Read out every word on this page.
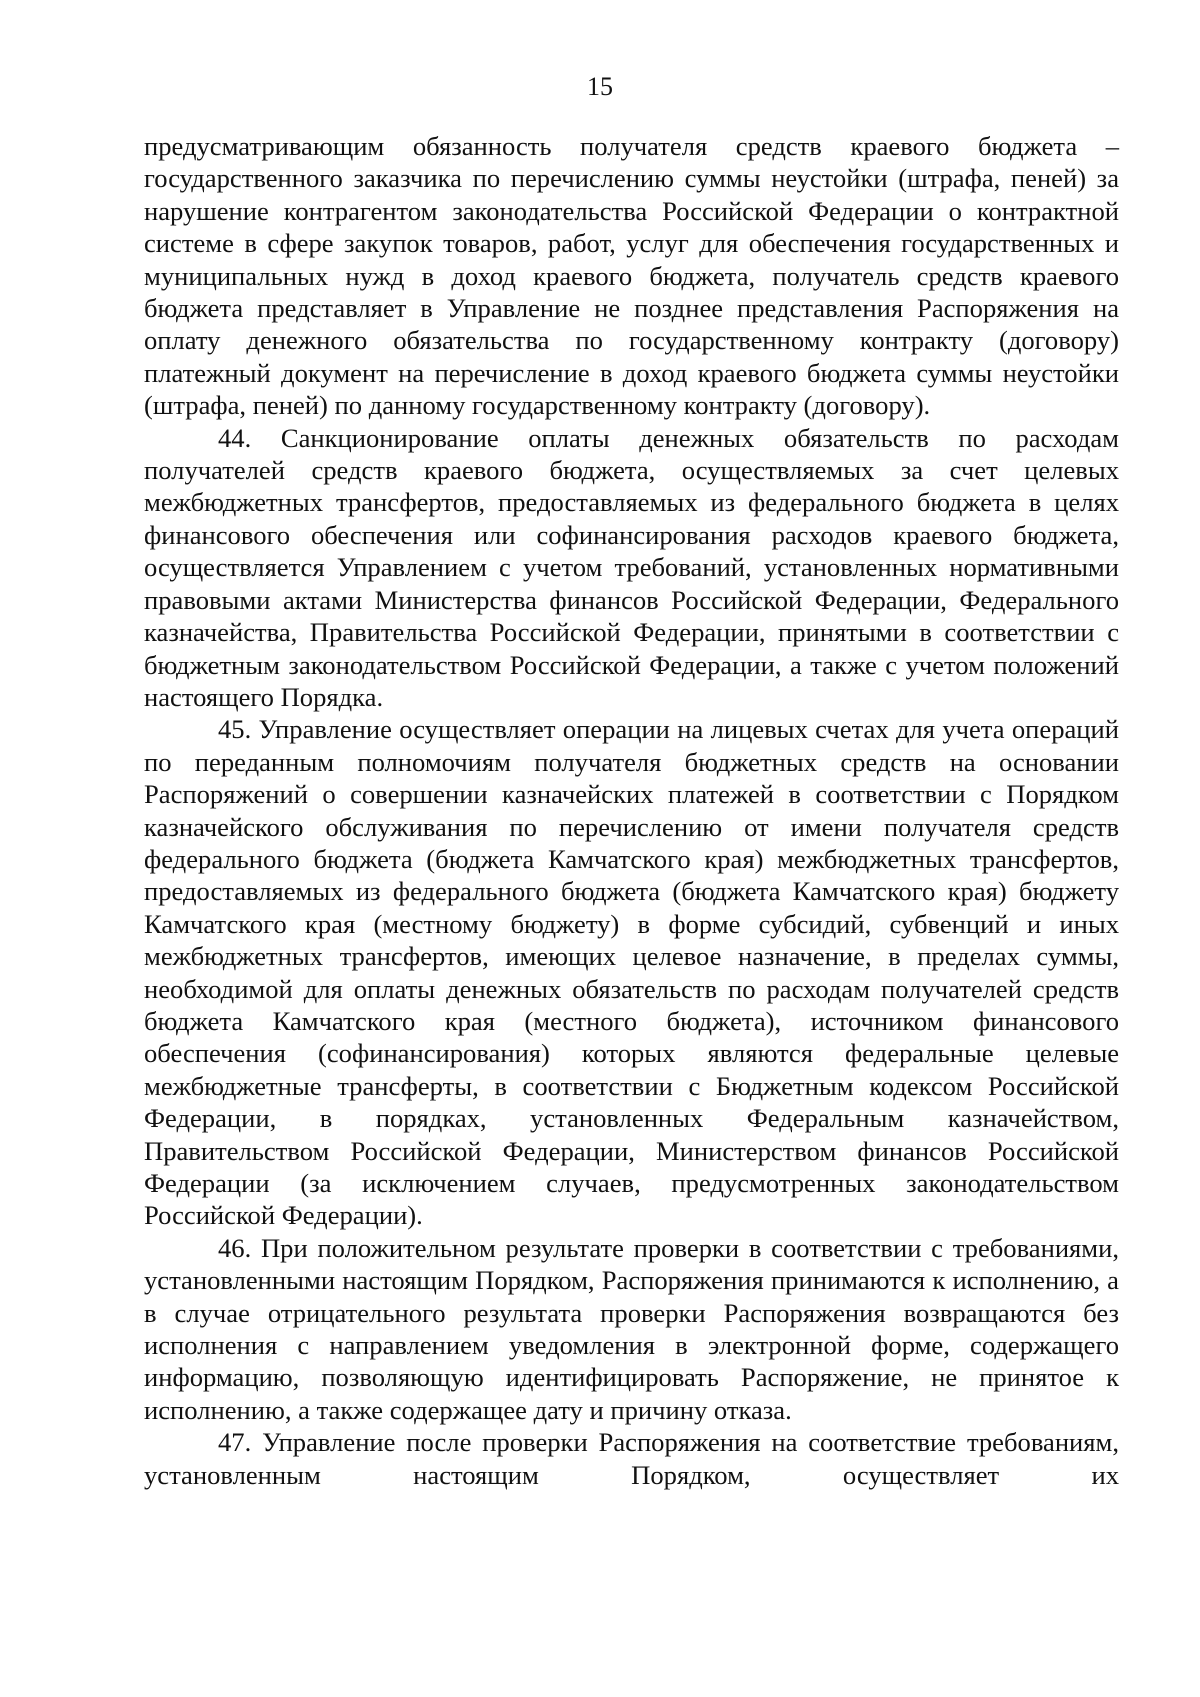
15

предусматривающим обязанность получателя средств краевого бюджета – государственного заказчика по перечислению суммы неустойки (штрафа, пеней) за нарушение контрагентом законодательства Российской Федерации о контрактной системе в сфере закупок товаров, работ, услуг для обеспечения государственных и муниципальных нужд в доход краевого бюджета, получатель средств краевого бюджета представляет в Управление не позднее представления Распоряжения на оплату денежного обязательства по государственному контракту (договору) платежный документ на перечисление в доход краевого бюджета суммы неустойки (штрафа, пеней) по данному государственному контракту (договору).

44. Санкционирование оплаты денежных обязательств по расходам получателей средств краевого бюджета, осуществляемых за счет целевых межбюджетных трансфертов, предоставляемых из федерального бюджета в целях финансового обеспечения или софинансирования расходов краевого бюджета, осуществляется Управлением с учетом требований, установленных нормативными правовыми актами Министерства финансов Российской Федерации, Федерального казначейства, Правительства Российской Федерации, принятыми в соответствии с бюджетным законодательством Российской Федерации, а также с учетом положений настоящего Порядка.

45. Управление осуществляет операции на лицевых счетах для учета операций по переданным полномочиям получателя бюджетных средств на основании Распоряжений о совершении казначейских платежей в соответствии с Порядком казначейского обслуживания по перечислению от имени получателя средств федерального бюджета (бюджета Камчатского края) межбюджетных трансфертов, предоставляемых из федерального бюджета (бюджета Камчатского края) бюджету Камчатского края (местному бюджету) в форме субсидий, субвенций и иных межбюджетных трансфертов, имеющих целевое назначение, в пределах суммы, необходимой для оплаты денежных обязательств по расходам получателей средств бюджета Камчатского края (местного бюджета), источником финансового обеспечения (софинансирования) которых являются федеральные целевые межбюджетные трансферты, в соответствии с Бюджетным кодексом Российской Федерации, в порядках, установленных Федеральным казначейством, Правительством Российской Федерации, Министерством финансов Российской Федерации (за исключением случаев, предусмотренных законодательством Российской Федерации).

46. При положительном результате проверки в соответствии с требованиями, установленными настоящим Порядком, Распоряжения принимаются к исполнению, а в случае отрицательного результата проверки Распоряжения возвращаются без исполнения с направлением уведомления в электронной форме, содержащего информацию, позволяющую идентифицировать Распоряжение, не принятое к исполнению, а также содержащее дату и причину отказа.

47. Управление после проверки Распоряжения на соответствие требованиям, установленным настоящим Порядком, осуществляет их
